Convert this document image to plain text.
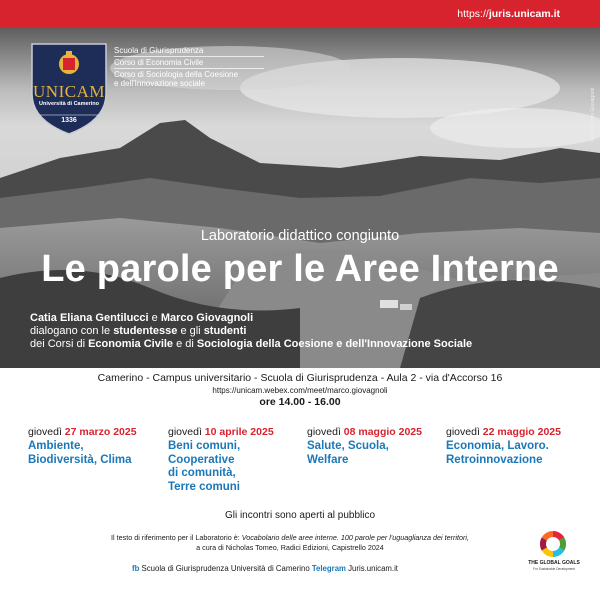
https://juris.unicam.it
foto di Marco Giovagnoli
UNICAM
Università di Camerino
1336
Scuola di Giurisprudenza
Corso di Economia Civile
Corso di Sociologia della Coesione
e dell'Innovazione sociale
Laboratorio didattico congiunto
Le parole per le Aree Interne
Catia Eliana Gentilucci e Marco Giovagnoli
dialogano con le studentesse e gli studenti
dei Corsi di Economia Civile e di Sociologia della Coesione e dell'Innovazione Sociale
Camerino - Campus universitario - Scuola di Giurisprudenza - Aula 2 - via d'Accorso 16
https://unicam.webex.com/meet/marco.giovagnoli
ore 14.00 - 16.00
giovedì 27 marzo 2025
Ambiente,
Biodiversità, Clima
giovedì 10 aprile 2025
Beni comuni,
Cooperative
di comunità,
Terre comuni
giovedì 08 maggio 2025
Salute, Scuola,
Welfare
giovedì 22 maggio 2025
Economia, Lavoro.
Retroinnovazione
Gli incontri sono aperti al pubblico
Il testo di riferimento per il Laboratorio è: Vocabolario delle aree interne. 100 parole per l'uguaglianza dei territori,
a cura di Nicholas Tomeo, Radici Edizioni, Capistrello 2024
fb Scuola di Giurisprudenza Università di Camerino Telegram Juris.unicam.it
THE GLOBAL GOALS
For Sustainable Development
